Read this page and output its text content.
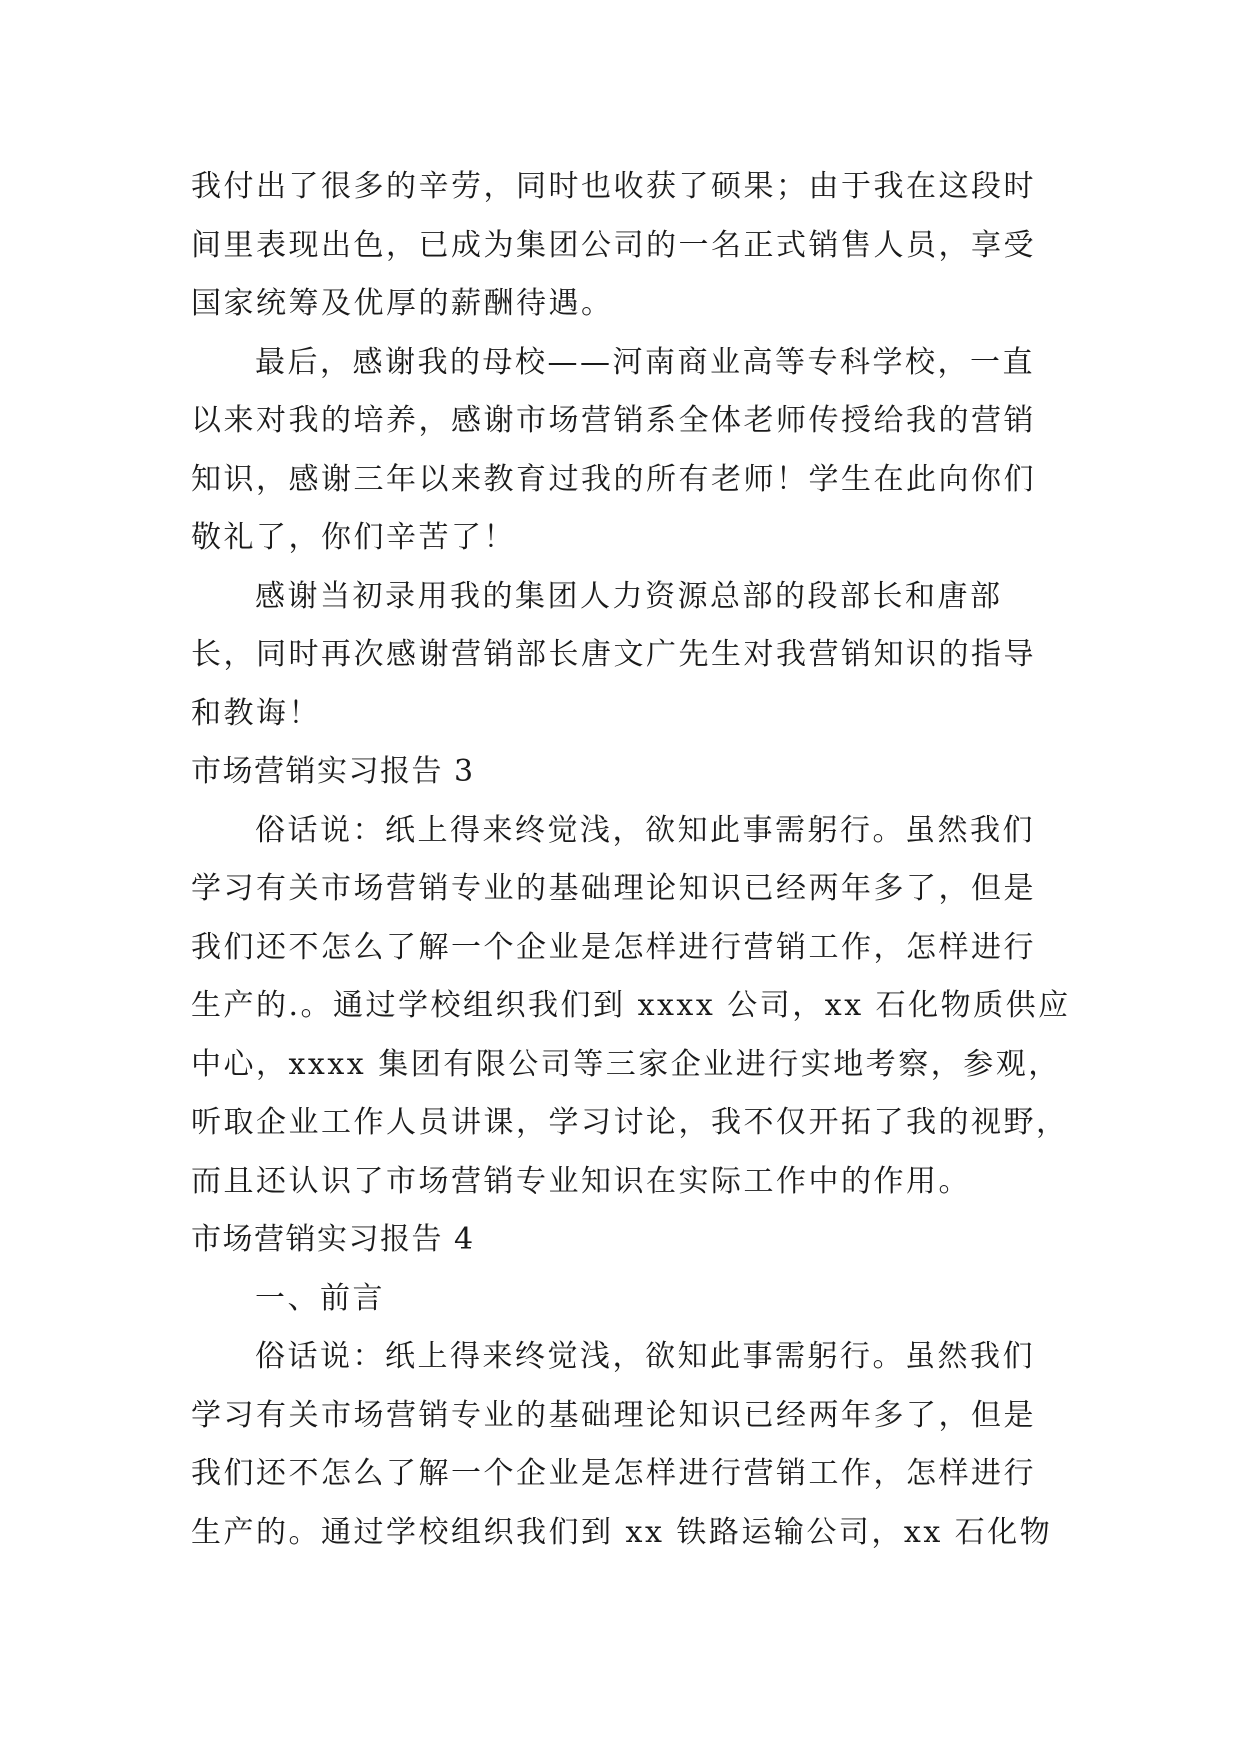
我付出了很多的辛劳，同时也收获了硕果；由于我在这段时
间里表现出色，已成为集团公司的一名正式销售人员，享受
国家统筹及优厚的薪酬待遇。
最后，感谢我的母校——河南商业高等专科学校，一直
以来对我的培养，感谢市场营销系全体老师传授给我的营销
知识，感谢三年以来教育过我的所有老师！学生在此向你们
敬礼了，你们辛苦了！
感谢当初录用我的集团人力资源总部的段部长和唐部
长，同时再次感谢营销部长唐文广先生对我营销知识的指导
和教诲！
市场营销实习报告 3
俗话说：纸上得来终觉浅，欲知此事需躬行。虽然我们
学习有关市场营销专业的基础理论知识已经两年多了，但是
我们还不怎么了解一个企业是怎样进行营销工作，怎样进行
生产的.。通过学校组织我们到 xxxx 公司，xx 石化物质供应
中心，xxxx 集团有限公司等三家企业进行实地考察，参观，
听取企业工作人员讲课，学习讨论，我不仅开拓了我的视野，
而且还认识了市场营销专业知识在实际工作中的作用。
市场营销实习报告 4
一、前言
俗话说：纸上得来终觉浅，欲知此事需躬行。虽然我们
学习有关市场营销专业的基础理论知识已经两年多了，但是
我们还不怎么了解一个企业是怎样进行营销工作，怎样进行
生产的。通过学校组织我们到 xx 铁路运输公司，xx 石化物
